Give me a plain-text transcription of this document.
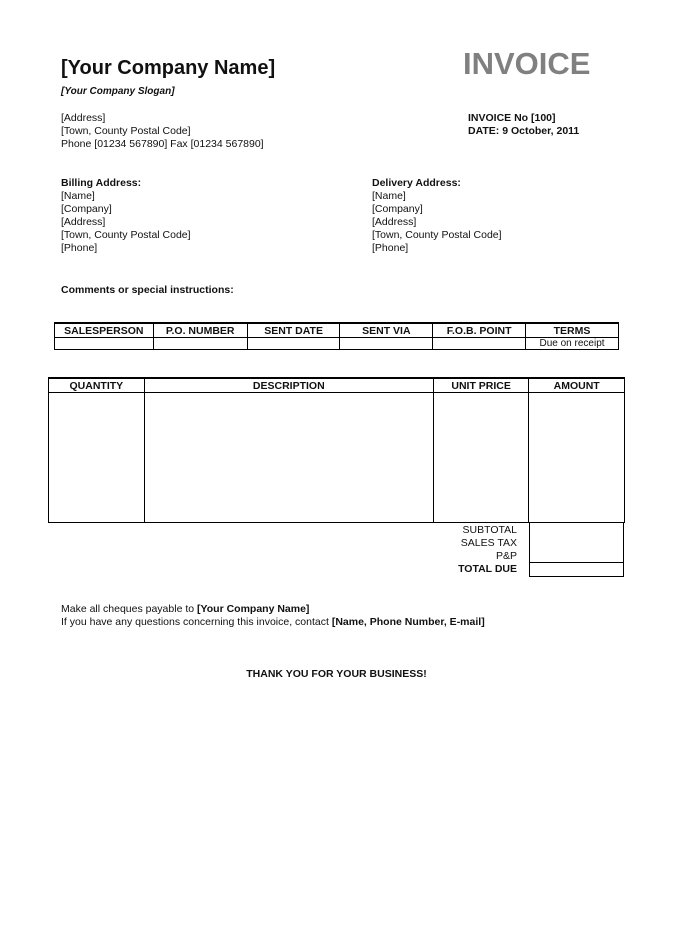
[Your Company Name]	INVOICE
[Your Company Slogan]
[Address]
[Town, County Postal Code]
Phone [01234 567890] Fax [01234 567890]
INVOICE No [100]
DATE: 9 October, 2011
Billing Address:
[Name]
[Company]
[Address]
[Town, County Postal Code]
[Phone]
Delivery Address:
[Name]
[Company]
[Address]
[Town, County Postal Code]
[Phone]
Comments or special instructions:
SALESPERSON	P.O. NUMBER	SENT DATE	SENT VIA	F.O.B. POINT	TERMS
					Due on receipt
QUANTITY	DESCRIPTION	UNIT PRICE	AMOUNT

SUBTOTAL
SALES TAX
P&P
TOTAL DUE
Make all cheques payable to [Your Company Name]
If you have any questions concerning this invoice, contact [Name, Phone Number, E-mail]
THANK YOU FOR YOUR BUSINESS!
